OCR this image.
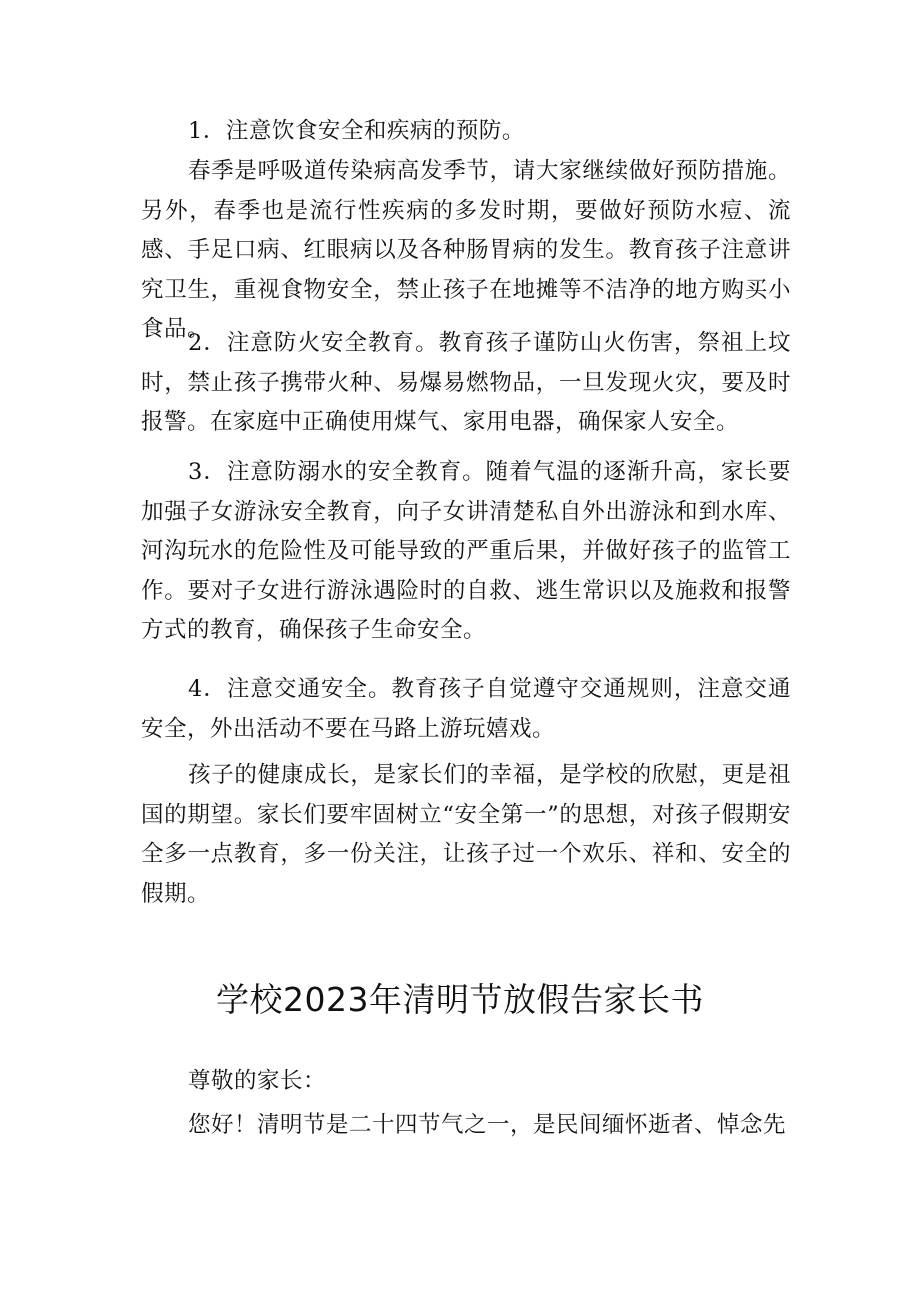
1．注意饮食安全和疾病的预防。

春季是呼吸道传染病高发季节，请大家继续做好预防措施。另外，春季也是流行性疾病的多发时期，要做好预防水痘、流感、手足口病、红眼病以及各种肠胃病的发生。教育孩子注意讲究卫生，重视食物安全，禁止孩子在地摊等不洁净的地方购买小食品。

2．注意防火安全教育。教育孩子谨防山火伤害，祭祖上坟时，禁止孩子携带火种、易爆易燃物品，一旦发现火灾，要及时报警。在家庭中正确使用煤气、家用电器，确保家人安全。

3．注意防溺水的安全教育。随着气温的逐渐升高，家长要加强子女游泳安全教育，向子女讲清楚私自外出游泳和到水库、河沟玩水的危险性及可能导致的严重后果，并做好孩子的监管工作。要对子女进行游泳遇险时的自救、逃生常识以及施救和报警方式的教育，确保孩子生命安全。

4．注意交通安全。教育孩子自觉遵守交通规则，注意交通安全，外出活动不要在马路上游玩嬉戏。

孩子的健康成长，是家长们的幸福，是学校的欣慰，更是祖国的期望。家长们要牢固树立“安全第一”的思想，对孩子假期安全多一点教育，多一份关注，让孩子过一个欢乐、祥和、安全的假期。

学校2023年清明节放假告家长书

尊敬的家长：

您好！清明节是二十四节气之一，是民间缅怀逝者、悼念先
